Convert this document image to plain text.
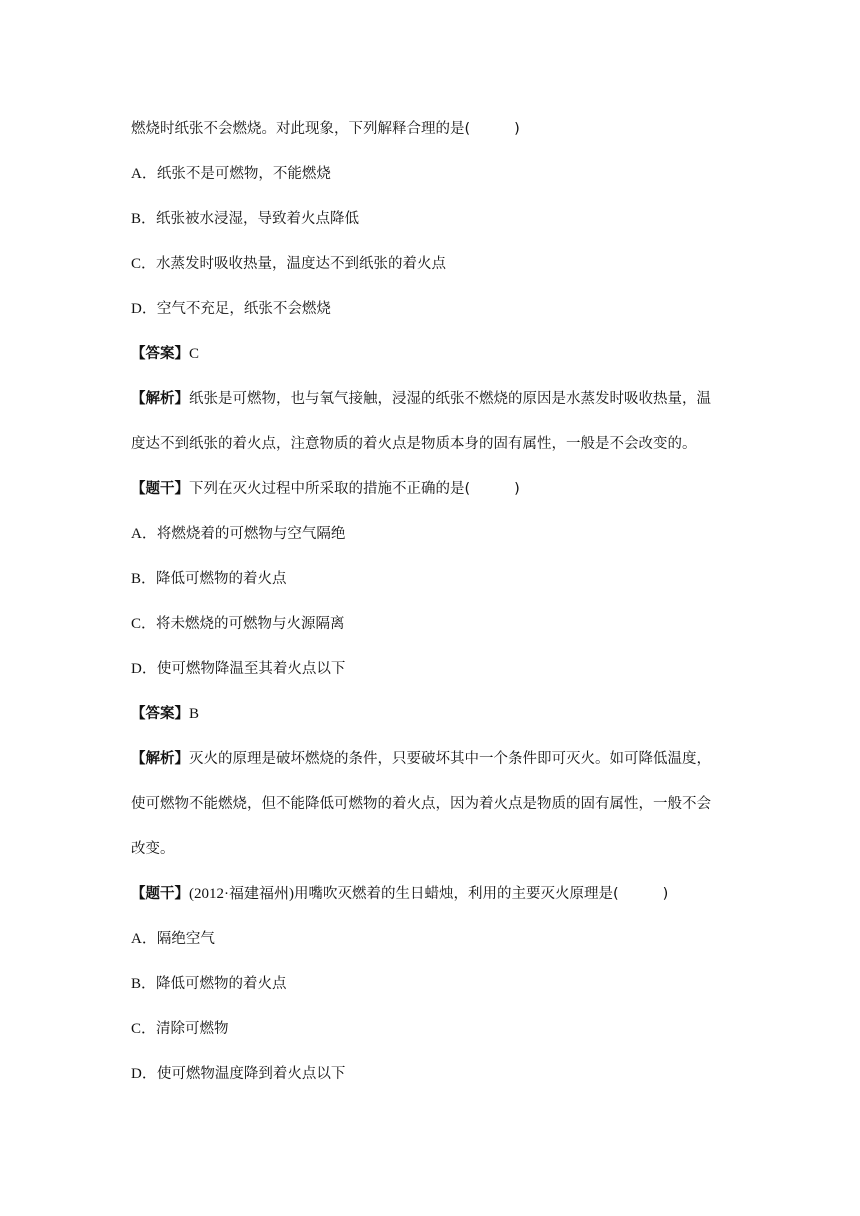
燃烧时纸张不会燃烧。对此现象，下列解释合理的是(	)
A．纸张不是可燃物，不能燃烧
B．纸张被水浸湿，导致着火点降低
C．水蒸发时吸收热量，温度达不到纸张的着火点
D．空气不充足，纸张不会燃烧
【答案】C
【解析】纸张是可燃物，也与氧气接触，浸湿的纸张不燃烧的原因是水蒸发时吸收热量，温
度达不到纸张的着火点，注意物质的着火点是物质本身的固有属性，一般是不会改变的。
【题干】下列在灭火过程中所采取的措施不正确的是(	)
A．将燃烧着的可燃物与空气隔绝
B．降低可燃物的着火点
C．将未燃烧的可燃物与火源隔离
D．使可燃物降温至其着火点以下
【答案】B
【解析】灭火的原理是破坏燃烧的条件，只要破坏其中一个条件即可灭火。如可降低温度，
使可燃物不能燃烧，但不能降低可燃物的着火点，因为着火点是物质的固有属性，一般不会
改变。
【题干】(2012·福建福州)用嘴吹灭燃着的生日蜡烛，利用的主要灭火原理是(	)
A．隔绝空气
B．降低可燃物的着火点
C．清除可燃物
D．使可燃物温度降到着火点以下
